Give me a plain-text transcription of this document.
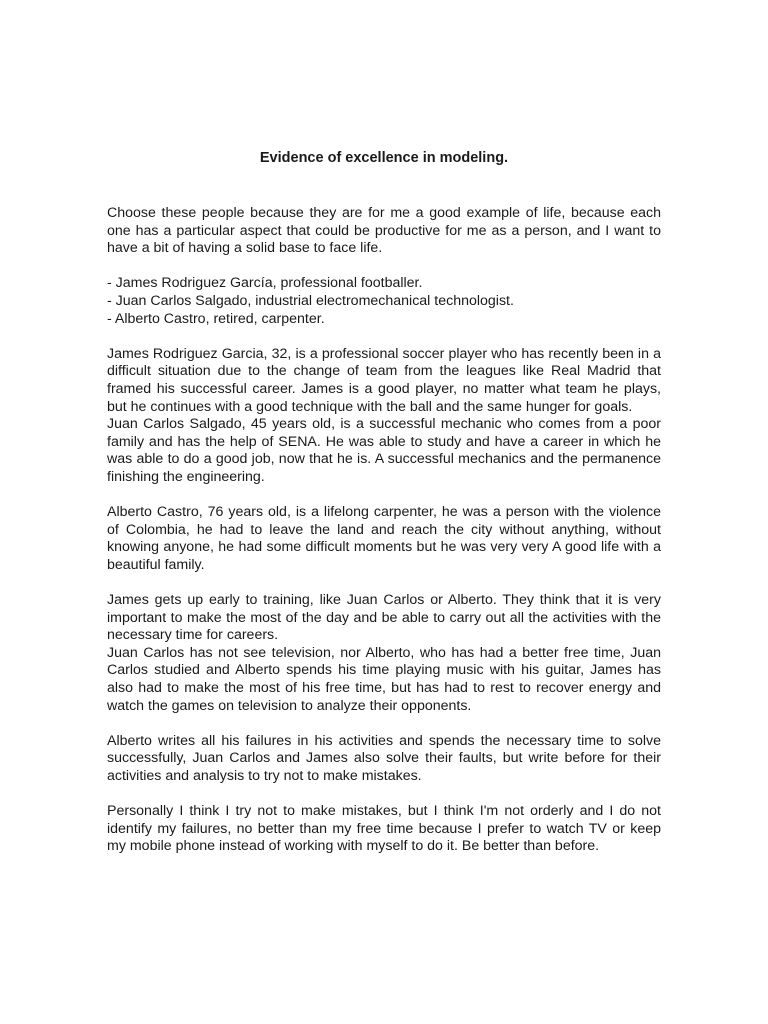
Evidence of excellence in modeling.

Choose these people because they are for me a good example of life, because each one has a particular aspect that could be productive for me as a person, and I want to have a bit of having a solid base to face life.

- James Rodriguez García, professional footballer.

- Juan Carlos Salgado, industrial electromechanical technologist.

- Alberto Castro, retired, carpenter.

James Rodriguez Garcia, 32, is a professional soccer player who has recently been in a difficult situation due to the change of team from the leagues like Real Madrid that framed his successful career. James is a good player, no matter what team he plays, but he continues with a good technique with the ball and the same hunger for goals.

Juan Carlos Salgado, 45 years old, is a successful mechanic who comes from a poor family and has the help of SENA. He was able to study and have a career in which he was able to do a good job, now that he is. A successful mechanics and the permanence finishing the engineering.

Alberto Castro, 76 years old, is a lifelong carpenter, he was a person with the violence of Colombia, he had to leave the land and reach the city without anything, without knowing anyone, he had some difficult moments but he was very very A good life with a beautiful family.

James gets up early to training, like Juan Carlos or Alberto. They think that it is very important to make the most of the day and be able to carry out all the activities with the necessary time for careers.

Juan Carlos has not see television, nor Alberto, who has had a better free time, Juan Carlos studied and Alberto spends his time playing music with his guitar, James has also had to make the most of his free time, but has had to rest to recover energy and watch the games on television to analyze their opponents.

Alberto writes all his failures in his activities and spends the necessary time to solve successfully, Juan Carlos and James also solve their faults, but write before for their activities and analysis to try not to make mistakes.

Personally I think I try not to make mistakes, but I think I'm not orderly and I do not identify my failures, no better than my free time because I prefer to watch TV or keep my mobile phone instead of working with myself to do it. Be better than before.
